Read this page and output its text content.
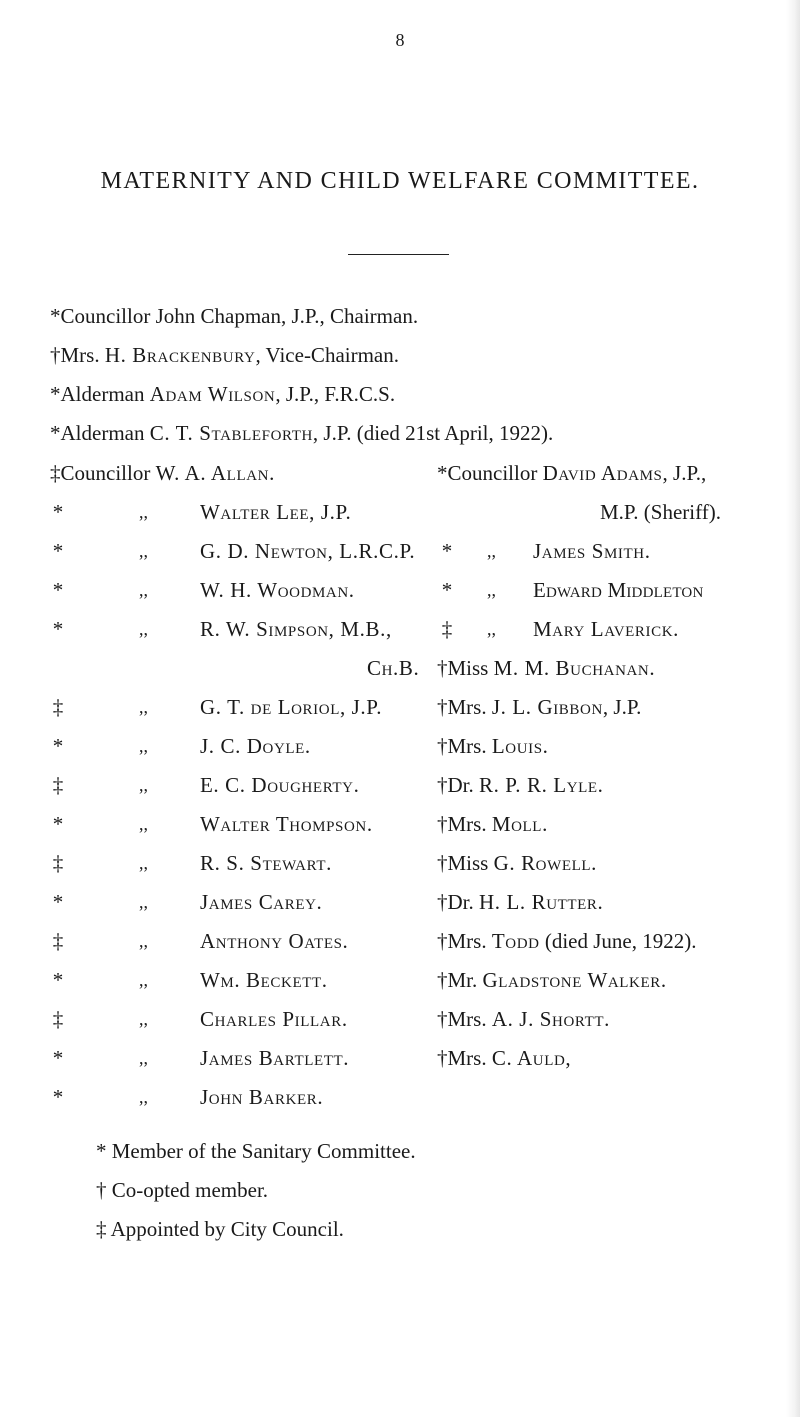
8
MATERNITY AND CHILD WELFARE COMMITTEE.
*Councillor John Chapman, J.P., Chairman.
†Mrs. H. Brackenbury, Vice-Chairman.
*Alderman Adam Wilson, J.P., F.R.C.S.
*Alderman C. T. Stableforth, J.P. (died 21st April, 1922).
‡Councillor W. A. Allan.
*	,, Walter Lee, J.P.
*	,, G. D. Newton, L.R.C.P.
*	,, W. H. Woodman.
*	,, R. W. Simpson, M.B.,
Ch.B.
‡	,, G. T. de Loriol, J.P.
*	,, J. C. Doyle.
‡	,, E. C. Dougherty.
*	,, Walter Thompson.
‡	,, R. S. Stewart.
*	,, James Carey.
‡	,, Anthony Oates.
*	,, Wm. Beckett.
‡	,, Charles Pillar.
*	,, James Bartlett.
*	,, John Barker.
*Councillor David Adams, J.P.,
M.P. (Sheriff).
* ,, James Smith.
* ,, Edward Middleton
‡ ,, Mary Laverick.
†Miss M. M. Buchanan.
†Mrs. J. L. Gibbon, J.P.
†Mrs. Louis.
†Dr. R. P. R. Lyle.
†Mrs. Moll.
†Miss G. Rowell.
†Dr. H. L. Rutter.
†Mrs. Todd (died June, 1922).
†Mr. Gladstone Walker.
†Mrs. A. J. Shortt.
†Mrs. C. Auld,
* Member of the Sanitary Committee.
† Co-opted member.
‡ Appointed by City Council.
